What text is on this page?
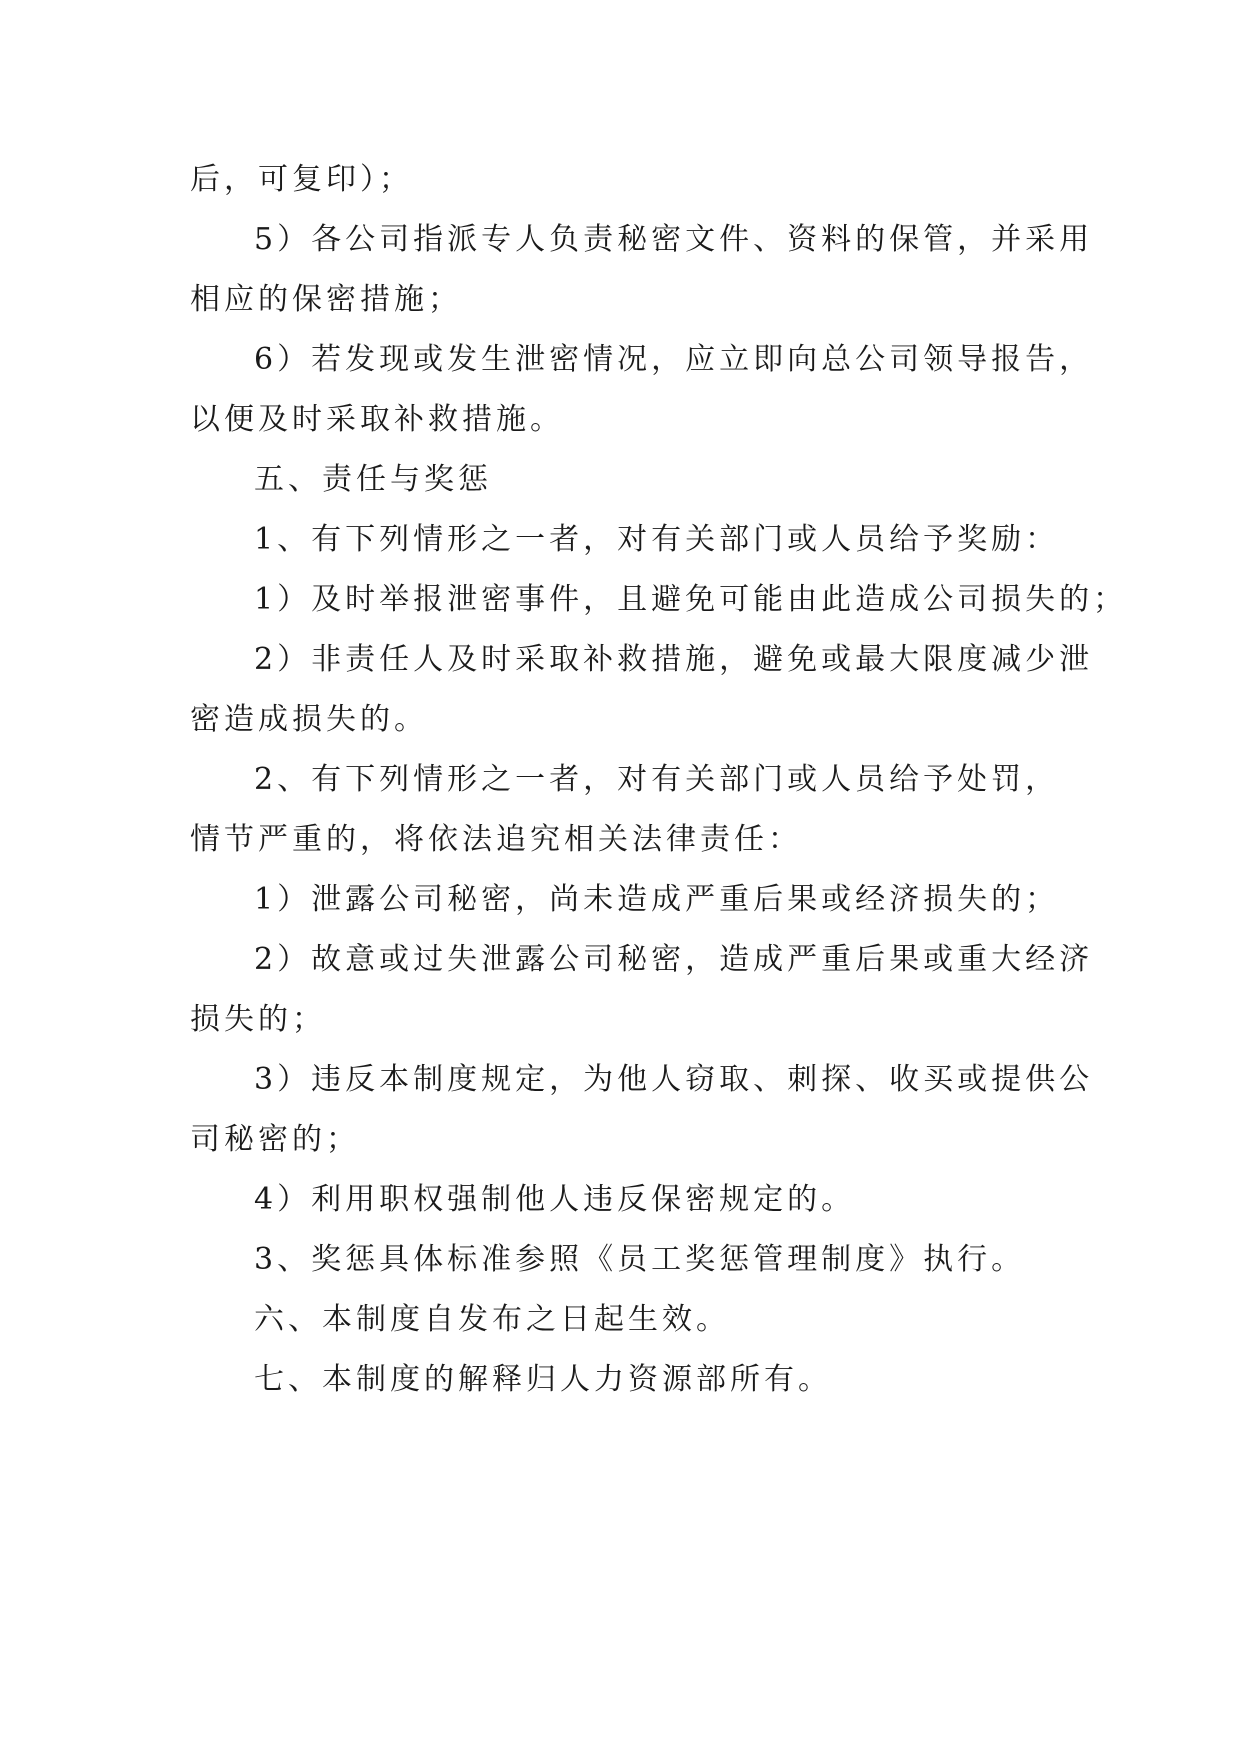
后，可复印）；
5）各公司指派专人负责秘密文件、资料的保管，并采用
相应的保密措施；
6）若发现或发生泄密情况，应立即向总公司领导报告，
以便及时采取补救措施。
五、责任与奖惩
1、有下列情形之一者，对有关部门或人员给予奖励：
1）及时举报泄密事件，且避免可能由此造成公司损失的；
2）非责任人及时采取补救措施，避免或最大限度减少泄
密造成损失的。
2、有下列情形之一者，对有关部门或人员给予处罚，
情节严重的，将依法追究相关法律责任：
1）泄露公司秘密，尚未造成严重后果或经济损失的；
2）故意或过失泄露公司秘密，造成严重后果或重大经济
损失的；
3）违反本制度规定，为他人窃取、刺探、收买或提供公
司秘密的；
4）利用职权强制他人违反保密规定的。
3、奖惩具体标准参照《员工奖惩管理制度》执行。
六、本制度自发布之日起生效。
七、本制度的解释归人力资源部所有。
